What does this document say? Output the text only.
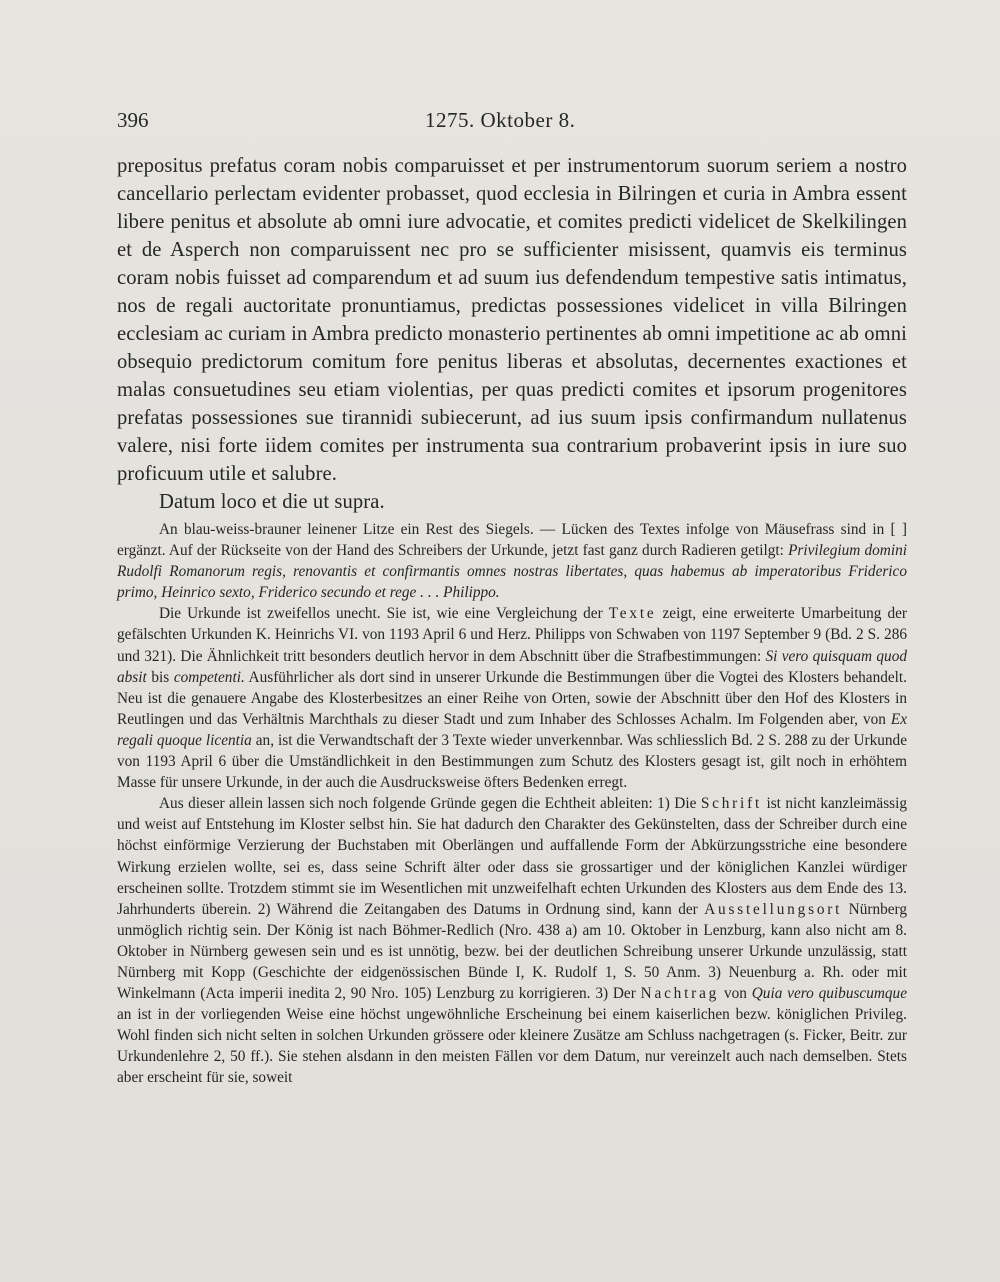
396	1275. Oktober 8.

prepositus prefatus coram nobis comparuisset et per instrumentorum suorum seriem a nostro cancellario perlectam evidenter probasset, quod ecclesia in Bilringen et curia in Ambra essent libere penitus et absolute ab omni iure advocatie, et comites predicti videlicet de Skelkilingen et de Asperch non comparuissent nec pro se sufficienter misissent, quamvis eis terminus coram nobis fuisset ad comparendum et ad suum ius defendendum tempestive satis intimatus, nos de regali auctoritate pronuntiamus, predictas possessiones videlicet in villa Bilringen ecclesiam ac curiam in Ambra predicto monasterio pertinentes ab omni impetitione ac ab omni obsequio predictorum comitum fore penitus liberas et absolutas, decernentes exactiones et malas consuetudines seu etiam violentias, per quas predicti comites et ipsorum progenitores prefatas possessiones sue tirannidi subiecerunt, ad ius suum ipsis confirmandum nullatenus valere, nisi forte iidem comites per instrumenta sua contrarium probaverint ipsis in iure suo proficuum utile et salubre.

Datum loco et die ut supra.

An blau-weiss-brauner leinener Litze ein Rest des Siegels. — Lücken des Textes infolge von Mäusefrass sind in [ ] ergänzt. Auf der Rückseite von der Hand des Schreibers der Urkunde, jetzt fast ganz durch Radieren getilgt: Privilegium domini Rudolfi Romanorum regis, renovantis et confirmantis omnes nostras libertates, quas habemus ab imperatoribus Friderico primo, Heinrico sexto, Friderico secundo et rege . . . Philippo.

Die Urkunde ist zweifellos unecht. Sie ist, wie eine Vergleichung der Texte zeigt, eine erweiterte Umarbeitung der gefälschten Urkunden K. Heinrichs VI. von 1193 April 6 und Herz. Philipps von Schwaben von 1197 September 9 (Bd. 2 S. 286 und 321). Die Ähnlichkeit tritt besonders deutlich hervor in dem Abschnitt über die Strafbestimmungen: Si vero quisquam quod absit bis competenti. Ausführlicher als dort sind in unserer Urkunde die Bestimmungen über die Vogtei des Klosters behandelt. Neu ist die genauere Angabe des Klosterbesitzes an einer Reihe von Orten, sowie der Abschnitt über den Hof des Klosters in Reutlingen und das Verhältnis Marchthals zu dieser Stadt und zum Inhaber des Schlosses Achalm. Im Folgenden aber, von Ex regali quoque licentia an, ist die Verwandtschaft der 3 Texte wieder unverkennbar. Was schliesslich Bd. 2 S. 288 zu der Urkunde von 1193 April 6 über die Umständlichkeit in den Bestimmungen zum Schutz des Klosters gesagt ist, gilt noch in erhöhtem Masse für unsere Urkunde, in der auch die Ausdrucksweise öfters Bedenken erregt.

Aus dieser allein lassen sich noch folgende Gründe gegen die Echtheit ableiten: 1) Die Schrift ist nicht kanzleimässig und weist auf Entstehung im Kloster selbst hin. Sie hat dadurch den Charakter des Gekünstelten, dass der Schreiber durch eine höchst einförmige Verzierung der Buchstaben mit Oberlängen und auffallende Form der Abkürzungsstriche eine besondere Wirkung erzielen wollte, sei es, dass seine Schrift älter oder dass sie grossartiger und der königlichen Kanzlei würdiger erscheinen sollte. Trotzdem stimmt sie im Wesentlichen mit unzweifelhaft echten Urkunden des Klosters aus dem Ende des 13. Jahrhunderts überein. 2) Während die Zeitangaben des Datums in Ordnung sind, kann der Ausstellungsort Nürnberg unmöglich richtig sein. Der König ist nach Böhmer-Redlich (Nro. 438 a) am 10. Oktober in Lenzburg, kann also nicht am 8. Oktober in Nürnberg gewesen sein und es ist unnötig, bezw. bei der deutlichen Schreibung unserer Urkunde unzulässig, statt Nürnberg mit Kopp (Geschichte der eidgenössischen Bünde I, K. Rudolf 1, S. 50 Anm. 3) Neuenburg a. Rh. oder mit Winkelmann (Acta imperii inedita 2, 90 Nro. 105) Lenzburg zu korrigieren. 3) Der Nachtrag von Quia vero quibuscumque an ist in der vorliegenden Weise eine höchst ungewöhnliche Erscheinung bei einem kaiserlichen bezw. königlichen Privileg. Wohl finden sich nicht selten in solchen Urkunden grössere oder kleinere Zusätze am Schluss nachgetragen (s. Ficker, Beitr. zur Urkundenlehre 2, 50 ff.). Sie stehen alsdann in den meisten Fällen vor dem Datum, nur vereinzelt auch nach demselben. Stets aber erscheint für sie, soweit
